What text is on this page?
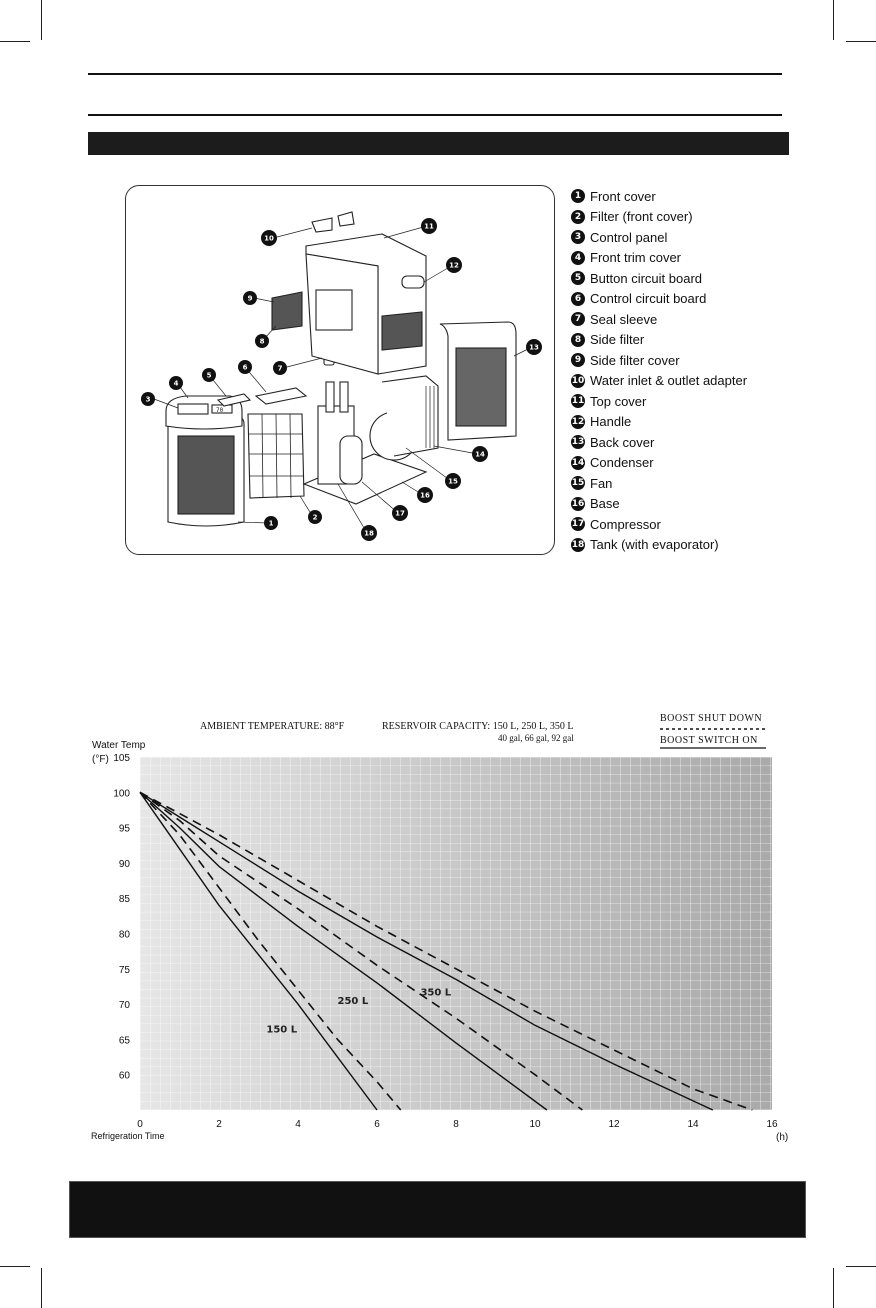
1
2
3
4
5
6	7
8
9
10
11
12
13
14
15
16
17
18
70
1 Front cover
2 Filter (front cover)
3 Control panel
4 Front trim cover
5 Button circuit board
6 Control circuit board
7 Seal sleeve
8 Side filter
9 Side filter cover
10 Water inlet & outlet adapter
11 Top cover
12 Handle
13 Back cover
14 Condenser
15 Fan
16 Base
17 Compressor
18 Tank (with evaporator)
AMBIENT TEMPERATURE: 88°F	RESERVOIR CAPACITY: 150 L, 250 L, 350 L
40 gal, 66 gal, 92 gal
BOOST SHUT DOWN
BOOST SWITCH ON
Water Temp
(°F)
Refrigeration Time	(h)
60
65
70
75
80
85
90
95
100
105
0	2	4	6	8	10	12	14	16
150 L
250 L
350 L
